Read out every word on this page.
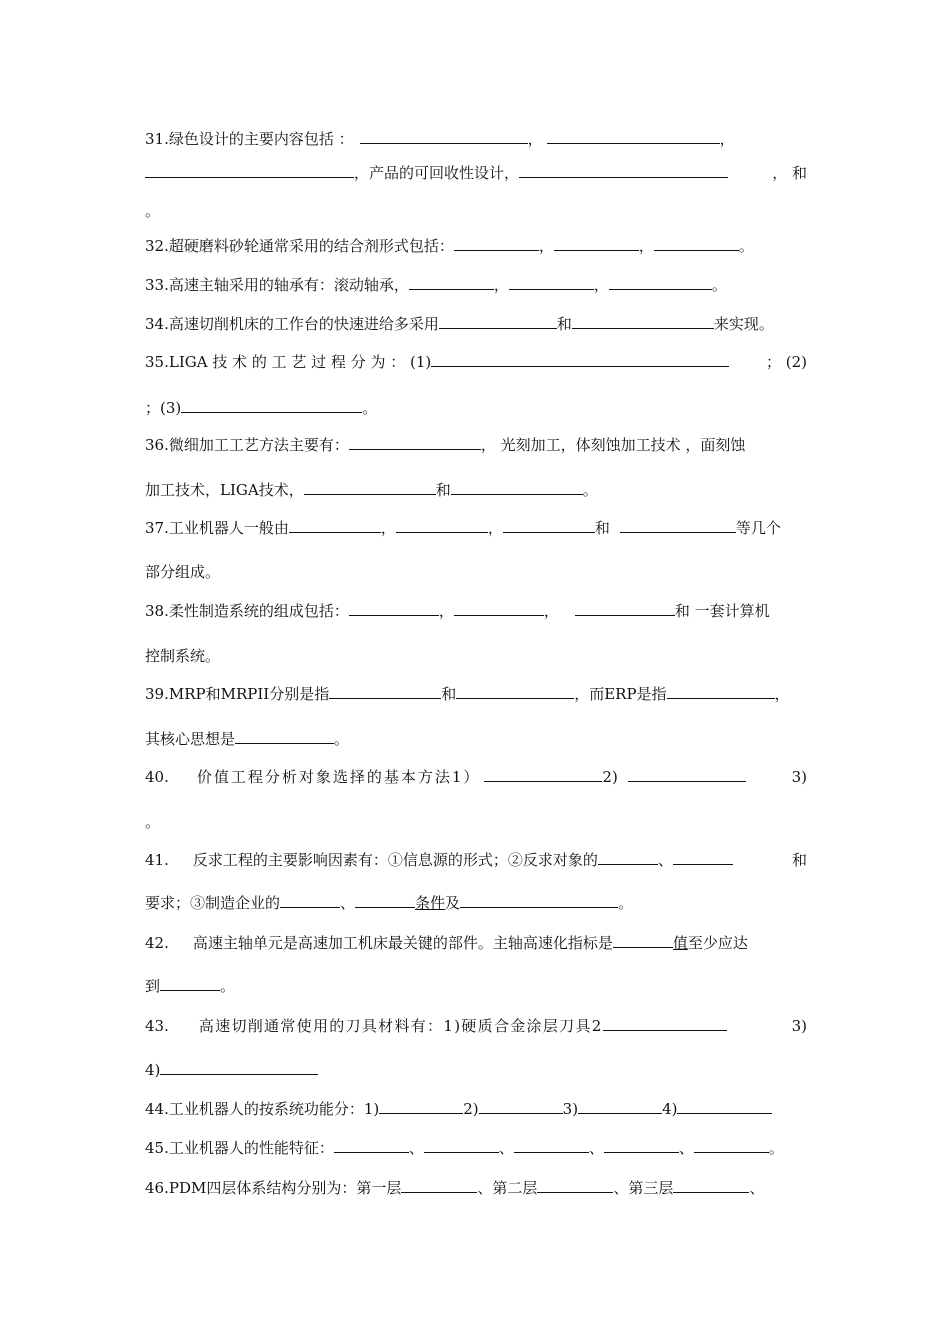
31.绿色设计的主要内容包括 ：	，	，
，产品的可回收性设计，	， 和
。
32.超硬磨料砂轮通常采用的结合剂形式包括：	，	，	。
33.高速主轴采用的轴承有：滚动轴承，	，	，	。
34.高速切削机床的工作台的快速进给多采用	和	来实现。
35.LIGA 技 术 的 工 艺 过 程 分 为 ： (1)	； (2)
；(3)	。
36.微细加工工艺方法主要有：	， 光刻加工，体刻蚀加工技术 ，面刻蚀
加工技术，LIGA技术，	和	。
37.工业机器人一般由	，	，	和	等几个
部分组成。
38.柔性制造系统的组成包括：	，	，	和 一套计算机
控制系统。
39.MRP和MRPII分别是指	和	，而ERP是指	，
其核心思想是	。
40. 价值工程分析对象选择的基本方法1）	2)	3)
。
41. 反求工程的主要影响因素有：①信息源的形式；②反求对象的	、	和
要求；③制造企业的	、	条件及	。
42. 高速主轴单元是高速加工机床最关键的部件。主轴高速化指标是	值至少应达
到	。
43. 高速切削通常使用的刀具材料有：1)硬质合金涂层刀具2	3)
4)
44.工业机器人的按系统功能分：1)	2)	3)	4)
45.工业机器人的性能特征：	、	、	、	、	。
46.PDM四层体系结构分别为：第一层	、第二层	、第三层	、
